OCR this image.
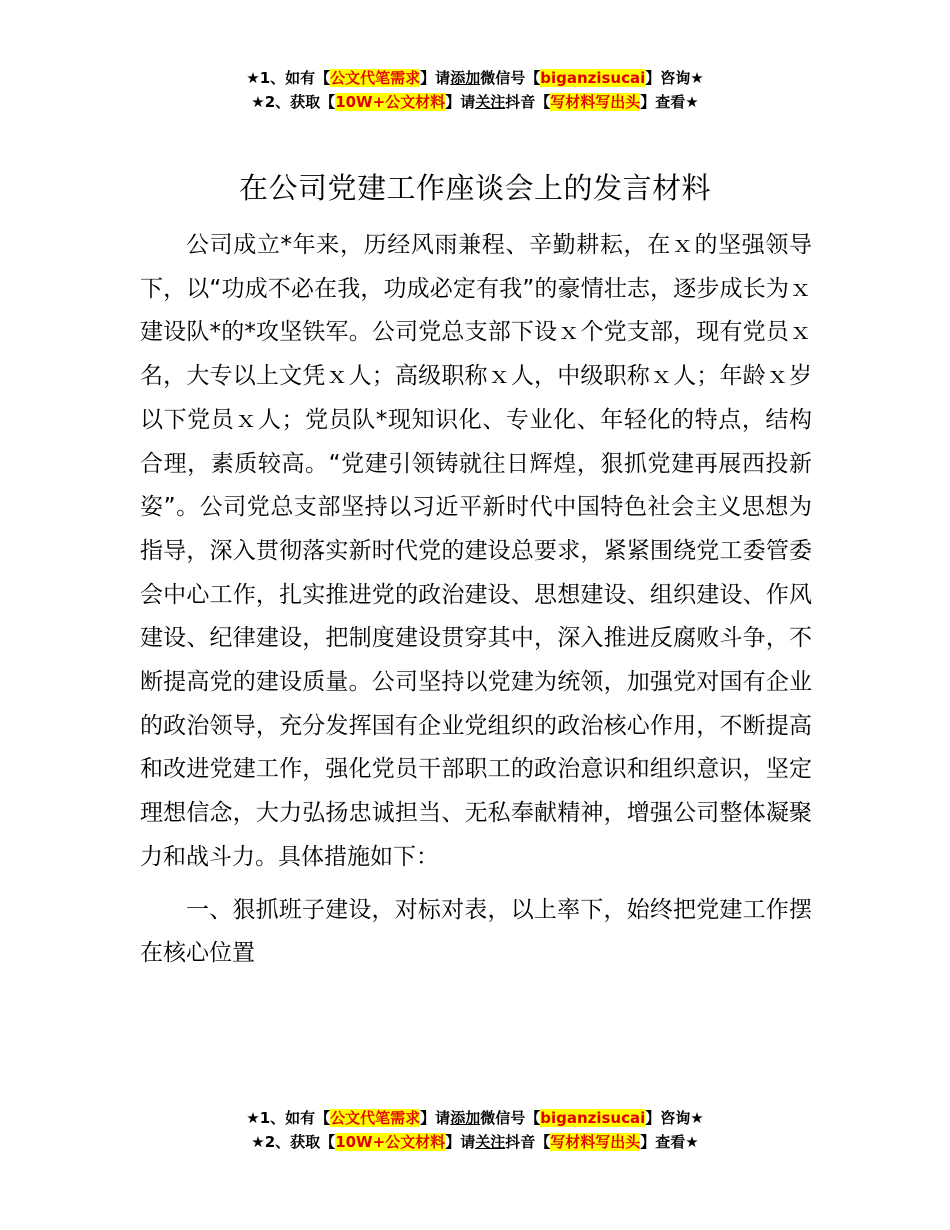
★1、如有【公文代笔需求】请添加微信号【biganzisucai】咨询★
★2、获取【10W+公文材料】请关注抖音【写材料写出头】查看★
在公司党建工作座谈会上的发言材料

公司成立*年来，历经风雨兼程、辛勤耕耘，在ｘ的坚强领导下，以“功成不必在我，功成必定有我”的豪情壮志，逐步成长为ｘ建设队*的*攻坚铁军。公司党总支部下设ｘ个党支部，现有党员ｘ名，大专以上文凭ｘ人；高级职称ｘ人，中级职称ｘ人；年龄ｘ岁以下党员ｘ人；党员队*现知识化、专业化、年轻化的特点，结构合理，素质较高。“党建引领铸就往日辉煌，狠抓党建再展西投新姿”。公司党总支部坚持以习近平新时代中国特色社会主义思想为指导，深入贯彻落实新时代党的建设总要求，紧紧围绕党工委管委会中心工作，扎实推进党的政治建设、思想建设、组织建设、作风建设、纪律建设，把制度建设贯穿其中，深入推进反腐败斗争，不断提高党的建设质量。公司坚持以党建为统领，加强党对国有企业的政治领导，充分发挥国有企业党组织的政治核心作用，不断提高和改进党建工作，强化党员干部职工的政治意识和组织意识，坚定理想信念，大力弘扬忠诚担当、无私奉献精神，增强公司整体凝聚力和战斗力。具体措施如下：

一、狠抓班子建设，对标对表，以上率下，始终把党建工作摆在核心位置

★1、如有【公文代笔需求】请添加微信号【biganzisucai】咨询★
★2、获取【10W+公文材料】请关注抖音【写材料写出头】查看★
